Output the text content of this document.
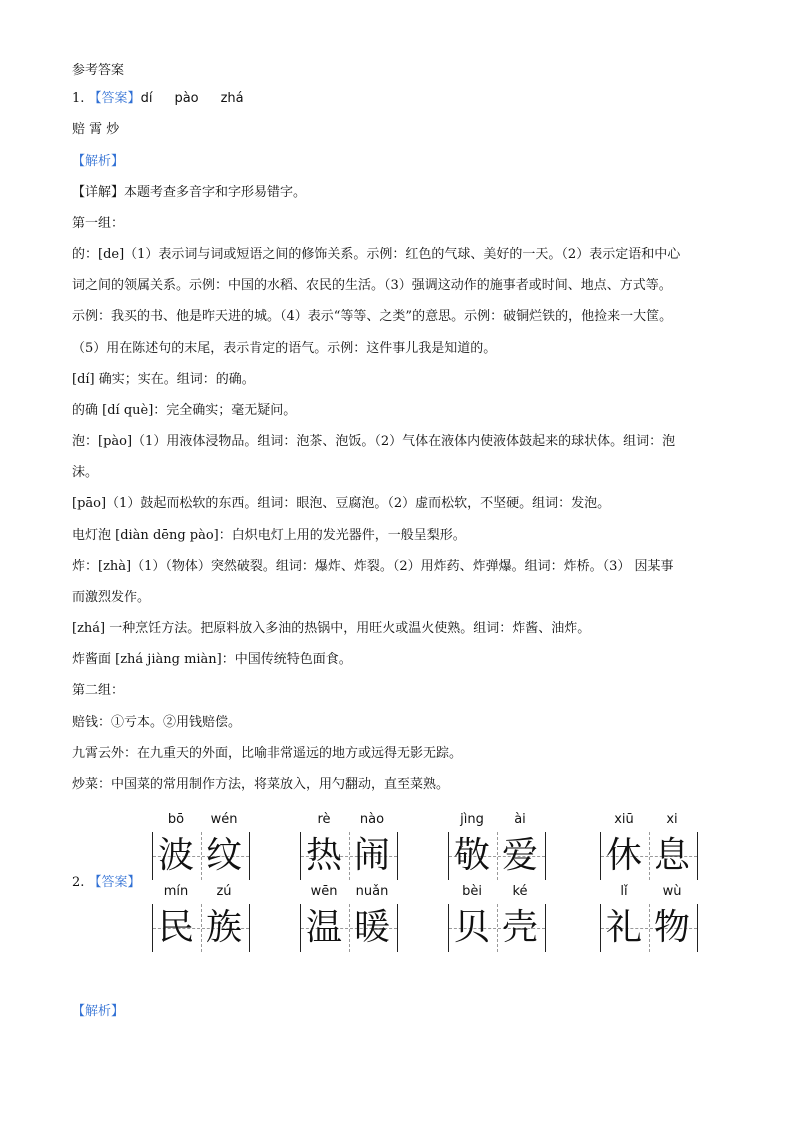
参考答案
1. 【答案】dí pào zhá
赔 霄 炒
【解析】
【详解】本题考查多音字和字形易错字。
第一组：
的：[de]（1）表示词与词或短语之间的修饰关系。示例：红色的气球、美好的一天。（2）表示定语和中心
词之间的领属关系。示例：中国的水稻、农民的生活。（3）强调这动作的施事者或时间、地点、方式等。
示例：我买的书、他是昨天进的城。（4）表示“等等、之类”的意思。示例：破铜烂铁的，他捡来一大筐。
（5）用在陈述句的末尾，表示肯定的语气。示例：这件事儿我是知道的。
[dí] 确实；实在。组词：的确。
的确 [dí què]：完全确实；毫无疑问。
泡：[pào]（1）用液体浸物品。组词：泡茶、泡饭。（2）气体在液体内使液体鼓起来的球状体。组词：泡
沫。
[pāo]（1）鼓起而松软的东西。组词：眼泡、豆腐泡。（2）虚而松软，不坚硬。组词：发泡。
电灯泡 [diàn dēng pào]：白炽电灯上用的发光器件，一般呈梨形。
炸：[zhà]（1）（物体）突然破裂。组词：爆炸、炸裂。（2）用炸药、炸弹爆。组词：炸桥。（3） 因某事
而激烈发作。
[zhá] 一种烹饪方法。把原料放入多油的热锅中，用旺火或温火使熟。组词：炸酱、油炸。
炸酱面 [zhá jiàng miàn]：中国传统特色面食。
第二组：
赔钱：①亏本。②用钱赔偿。
九霄云外：在九重天的外面，比喻非常遥远的地方或远得无影无踪。
炒菜：中国菜的常用制作方法，将菜放入，用勺翻动，直至菜熟。
2. 【答案】
bō
波
wén
纹
rè
热
nào
闹
jìng
敬
ài
爱
xiū
休
xi
息
mín
民
zú
族
wēn
温
nuǎn
暖
bèi
贝
ké
壳
lǐ
礼
wù
物
【解析】
